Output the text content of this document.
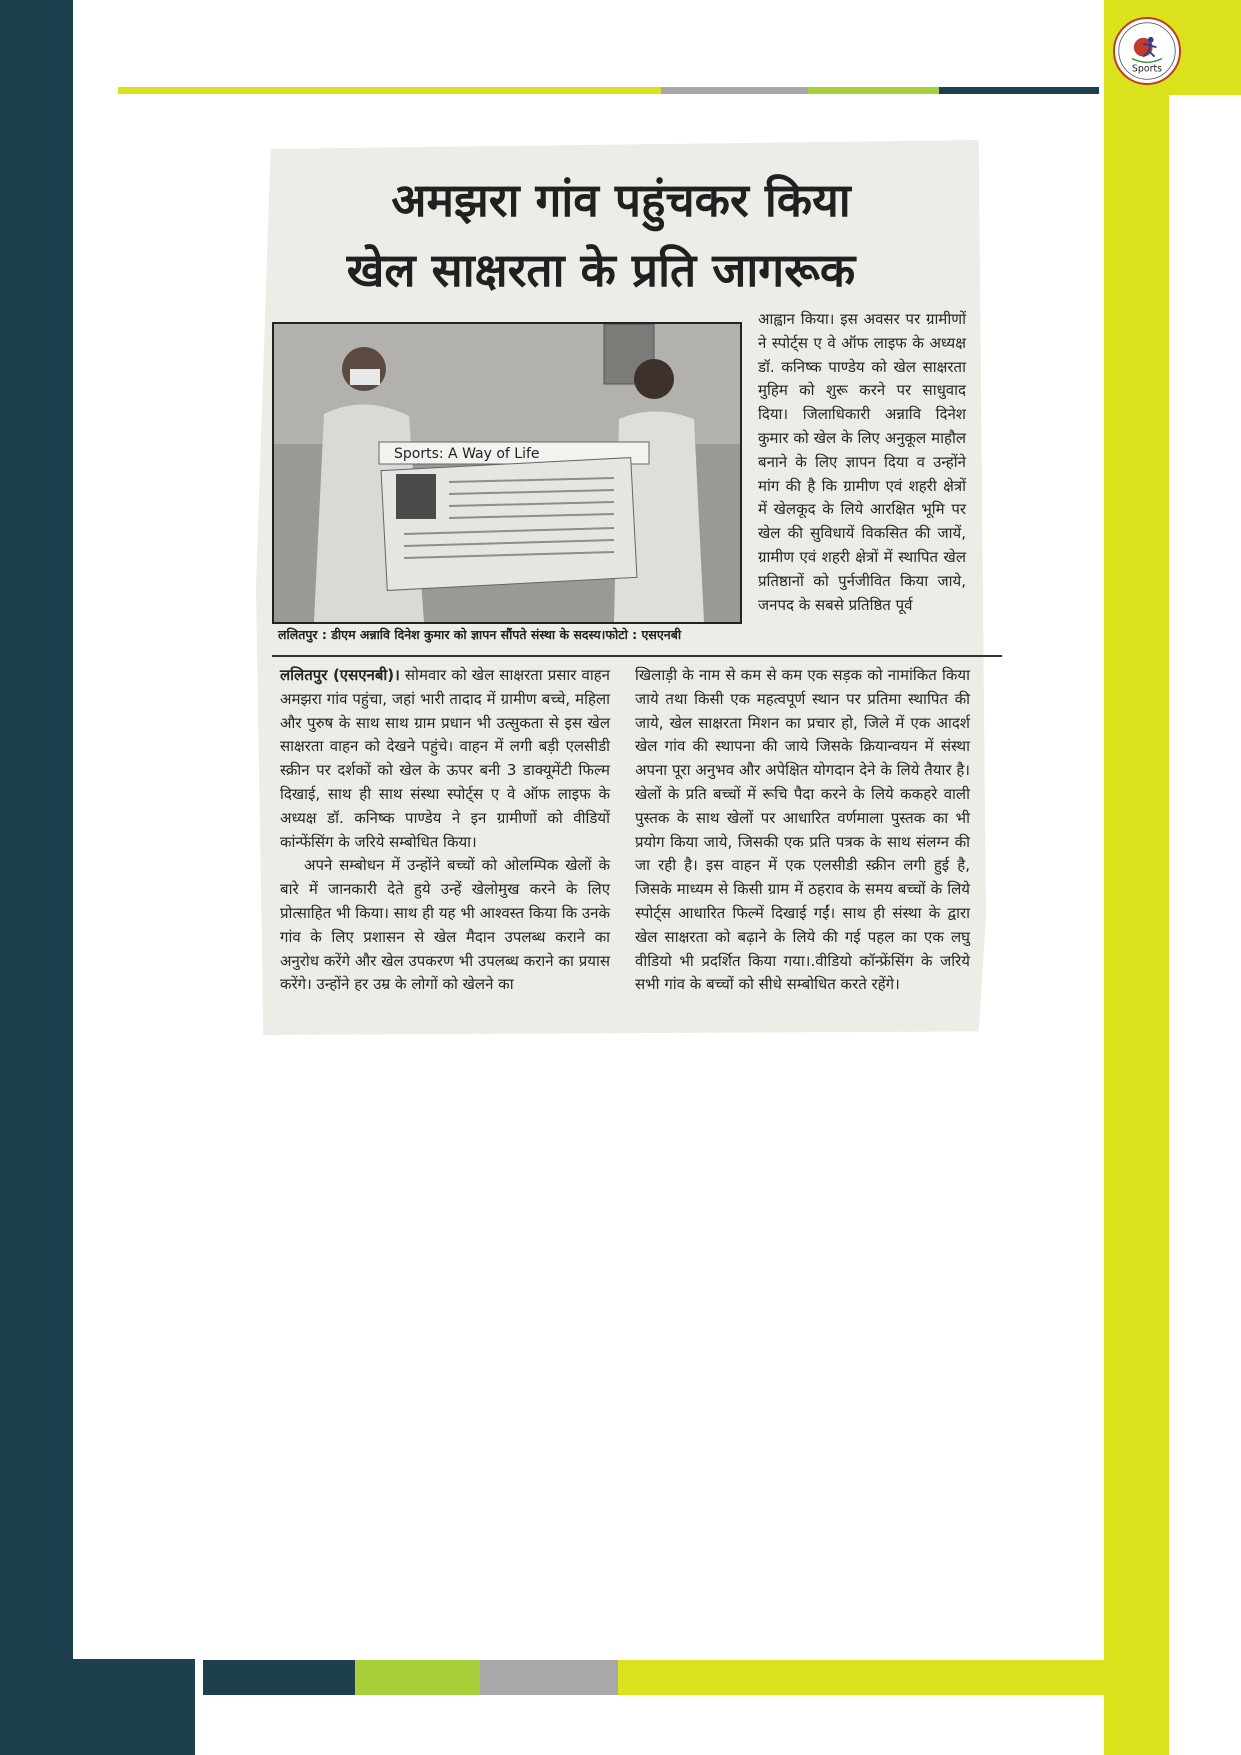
Sports
अमझरा गांव पहुंचकर किया
खेल साक्षरता के प्रति जागरूक
Sports: A Way of Life
ललितपुर : डीएम अन्नावि दिनेश कुमार को ज्ञापन सौंपते संस्था के सदस्य।फोटो : एसएनबी
आह्वान किया। इस अवसर पर ग्रामीणों ने स्पोर्ट्स ए वे ऑफ लाइफ के अध्यक्ष डॉ. कनिष्क पाण्डेय को खेल साक्षरता मुहिम को शुरू करने पर साधुवाद दिया। जिलाधिकारी अन्नावि दिनेश कुमार को खेल के लिए अनुकूल माहौल बनाने के लिए ज्ञापन दिया व उन्होंने मांग की है कि ग्रामीण एवं शहरी क्षेत्रों में खेलकूद के लिये आरक्षित भूमि पर खेल की सुविधायें विकसित की जायें, ग्रामीण एवं शहरी क्षेत्रों में स्थापित खेल प्रतिष्ठानों को पुर्नजीवित किया जाये, जनपद के सबसे प्रतिष्ठित पूर्व
ललितपुर (एसएनबी)। सोमवार को खेल साक्षरता प्रसार वाहन अमझरा गांव पहुंचा, जहां भारी तादाद में ग्रामीण बच्चे, महिला और पुरुष के साथ साथ ग्राम प्रधान भी उत्सुकता से इस खेल साक्षरता वाहन को देखने पहुंचे। वाहन में लगी बड़ी एलसीडी स्क्रीन पर दर्शकों को खेल के ऊपर बनी 3 डाक्यूमेंटी फिल्म दिखाई, साथ ही साथ संस्था स्पोर्ट्स ए वे ऑफ लाइफ के अध्यक्ष डॉ. कनिष्क पाण्डेय ने इन ग्रामीणों को वीडियों कांन्फेंसिंग के जरिये सम्बोधित किया।
अपने सम्बोधन में उन्होंने बच्चों को ओलम्पिक खेलों के बारे में जानकारी देते हुये उन्हें खेलोमुख करने के लिए प्रोत्साहित भी किया। साथ ही यह भी आश्वस्त किया कि उनके गांव के लिए प्रशासन से खेल मैदान उपलब्ध कराने का अनुरोध करेंगे और खेल उपकरण भी उपलब्ध कराने का प्रयास करेंगे। उन्होंने हर उम्र के लोगों को खेलने का
खिलाड़ी के नाम से कम से कम एक सड़क को नामांकित किया जाये तथा किसी एक महत्वपूर्ण स्थान पर प्रतिमा स्थापित की जाये, खेल साक्षरता मिशन का प्रचार हो, जिले में एक आदर्श खेल गांव की स्थापना की जाये जिसके क्रियान्वयन में संस्था अपना पूरा अनुभव और अपेक्षित योगदान देने के लिये तैयार है। खेलों के प्रति बच्चों में रूचि पैदा करने के लिये ककहरे वाली पुस्तक के साथ खेलों पर आधारित वर्णमाला पुस्तक का भी प्रयोग किया जाये, जिसकी एक प्रति पत्रक के साथ संलग्न की जा रही है। इस वाहन में एक एलसीडी स्क्रीन लगी हुई है, जिसके माध्यम से किसी ग्राम में ठहराव के समय बच्चों के लिये स्पोर्ट्स आधारित फिल्में दिखाई गईं। साथ ही संस्था के द्वारा खेल साक्षरता को बढ़ाने के लिये की गई पहल का एक लघु वीडियो भी प्रदर्शित किया गया।.वीडियो कॉन्फ्रेंसिंग के जरिये सभी गांव के बच्चों को सीधे सम्बोधित करते रहेंगे।
